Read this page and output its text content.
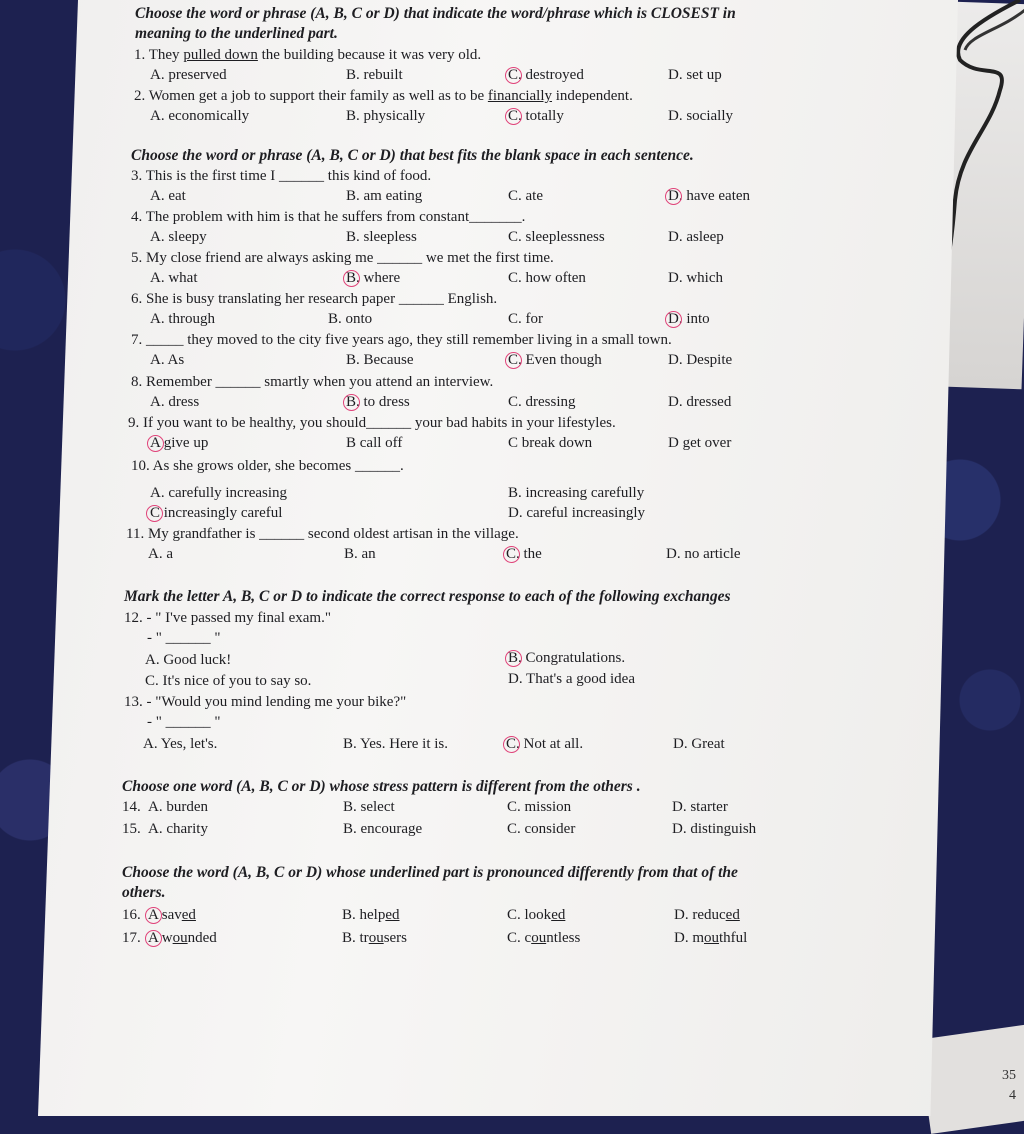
35
4
Choose the word or phrase (A, B, C or D) that indicate the word/phrase which is CLOSEST in
meaning to the underlined part.
1. They pulled down the building because it was very old.
A. preserved	B. rebuilt	C. destroyed	D. set up
2. Women get a job to support their family as well as to be financially independent.
A. economically	B. physically	C. totally	D. socially
Choose the word or phrase (A, B, C or D) that best fits the blank space in each sentence.
3. This is the first time I ______ this kind of food.
A. eat	B. am eating	C. ate	D. have eaten
4. The problem with him is that he suffers from constant_______.
A. sleepy	B. sleepless	C. sleeplessness	D. asleep
5. My close friend are always asking me ______ we met the first time.
A. what	B. where	C. how often	D. which
6. She is busy translating her research paper ______ English.
A. through	B. onto	C. for	D. into
7. _____ they moved to the city five years ago, they still remember living in a small town.
A. As	B. Because	C. Even though	D. Despite
8. Remember ______ smartly when you attend an interview.
A. dress	B. to dress	C. dressing	D. dressed
9. If you want to be healthy, you should______ your bad habits in your lifestyles.
A give up	B call off	C break down	D get over
10. As she grows older, she becomes ______.
A. carefully increasing	B. increasing carefully
C increasingly careful	D. careful increasingly
11. My grandfather is ______ second oldest artisan in the village.
A. a	B. an	C. the	D. no article
Mark the letter A, B, C or D to indicate the correct response to each of the following exchanges
12. - " I've passed my final exam."
- " ______ "
A. Good luck!	B. Congratulations.
C. It's nice of you to say so.	D. That's a good idea
13. - "Would you mind lending me your bike?"
- " ______ "
A. Yes, let's.	B. Yes. Here it is.	C. Not at all.	D. Great
Choose one word (A, B, C or D) whose stress pattern is different from the others .
14. A. burden	B. select	C. mission	D. starter
15. A. charity	B. encourage	C. consider	D. distinguish
Choose the word (A, B, C or D) whose underlined part is pronounced differently from that of the
others.
16. A saved	B. helped	C. looked	D. reduced
17. A wounded	B. trousers	C. countless	D. mouthful
